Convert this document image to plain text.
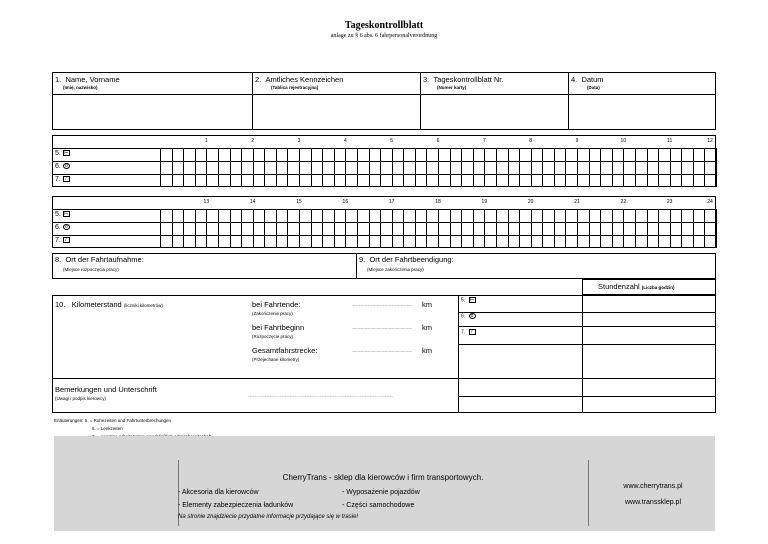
Tageskontrollblatt
anlage zu § 6 abs. 6 fahrpersonalverordnung
1. Name, Vorname
(Imię, nazwisko)
2. Amtliches Kennzeichen
(Tablica rejestracyjna)
3. Tageskontrollblatt Nr.
(Numer karty)
4. Datum
(Data)
1	2	3	4	5	6	7	8	9	10	11	12
5. ⊢
6. o
7. ⁄
13	14	15	16	17	18	19	20	21	22	23	24
5. ⊢
6. o
7. ⁄
8. Ort der Fahrtaufnahme:
(Miejsce rozpoczęcia pracy)
9. Ort der Fahrtbeendigung:
(Miejsce zakończenia pracy)
Stundenzahl (Liczba godzin)
10. Kilometerstand (liczniki kilometrów)	bei Fahrtende:
(Zakończenie pracy)
………………………… km
bei Fahrtbeginn
(Rozpoczęcie pracy)
………………………… km
Gesamtfahrstrecke:
(Przejechane kilometry)
………………………… km
5. ⊢
6. o
7. ⁄
Bemerkungen und Unterschrift
(Uwagi i podpis kierowcy)	……………………………………………………………………………
Erläuterungen: 5. = Ruhezeiten und Fahrtunterbrechungen
6. = Lenkzeiten
CherryTrans - sklep dla kierowców i firm transportowych.
- Akcesoria dla kierowców	- Wyposażenie pojazdów
- Elementy zabezpieczenia ładunków	- Części samochodowe
Na stronie znajdziecie przydatne informacje przydające się w trasie!
www.cherrytrans.pl
www.transsklep.pl
